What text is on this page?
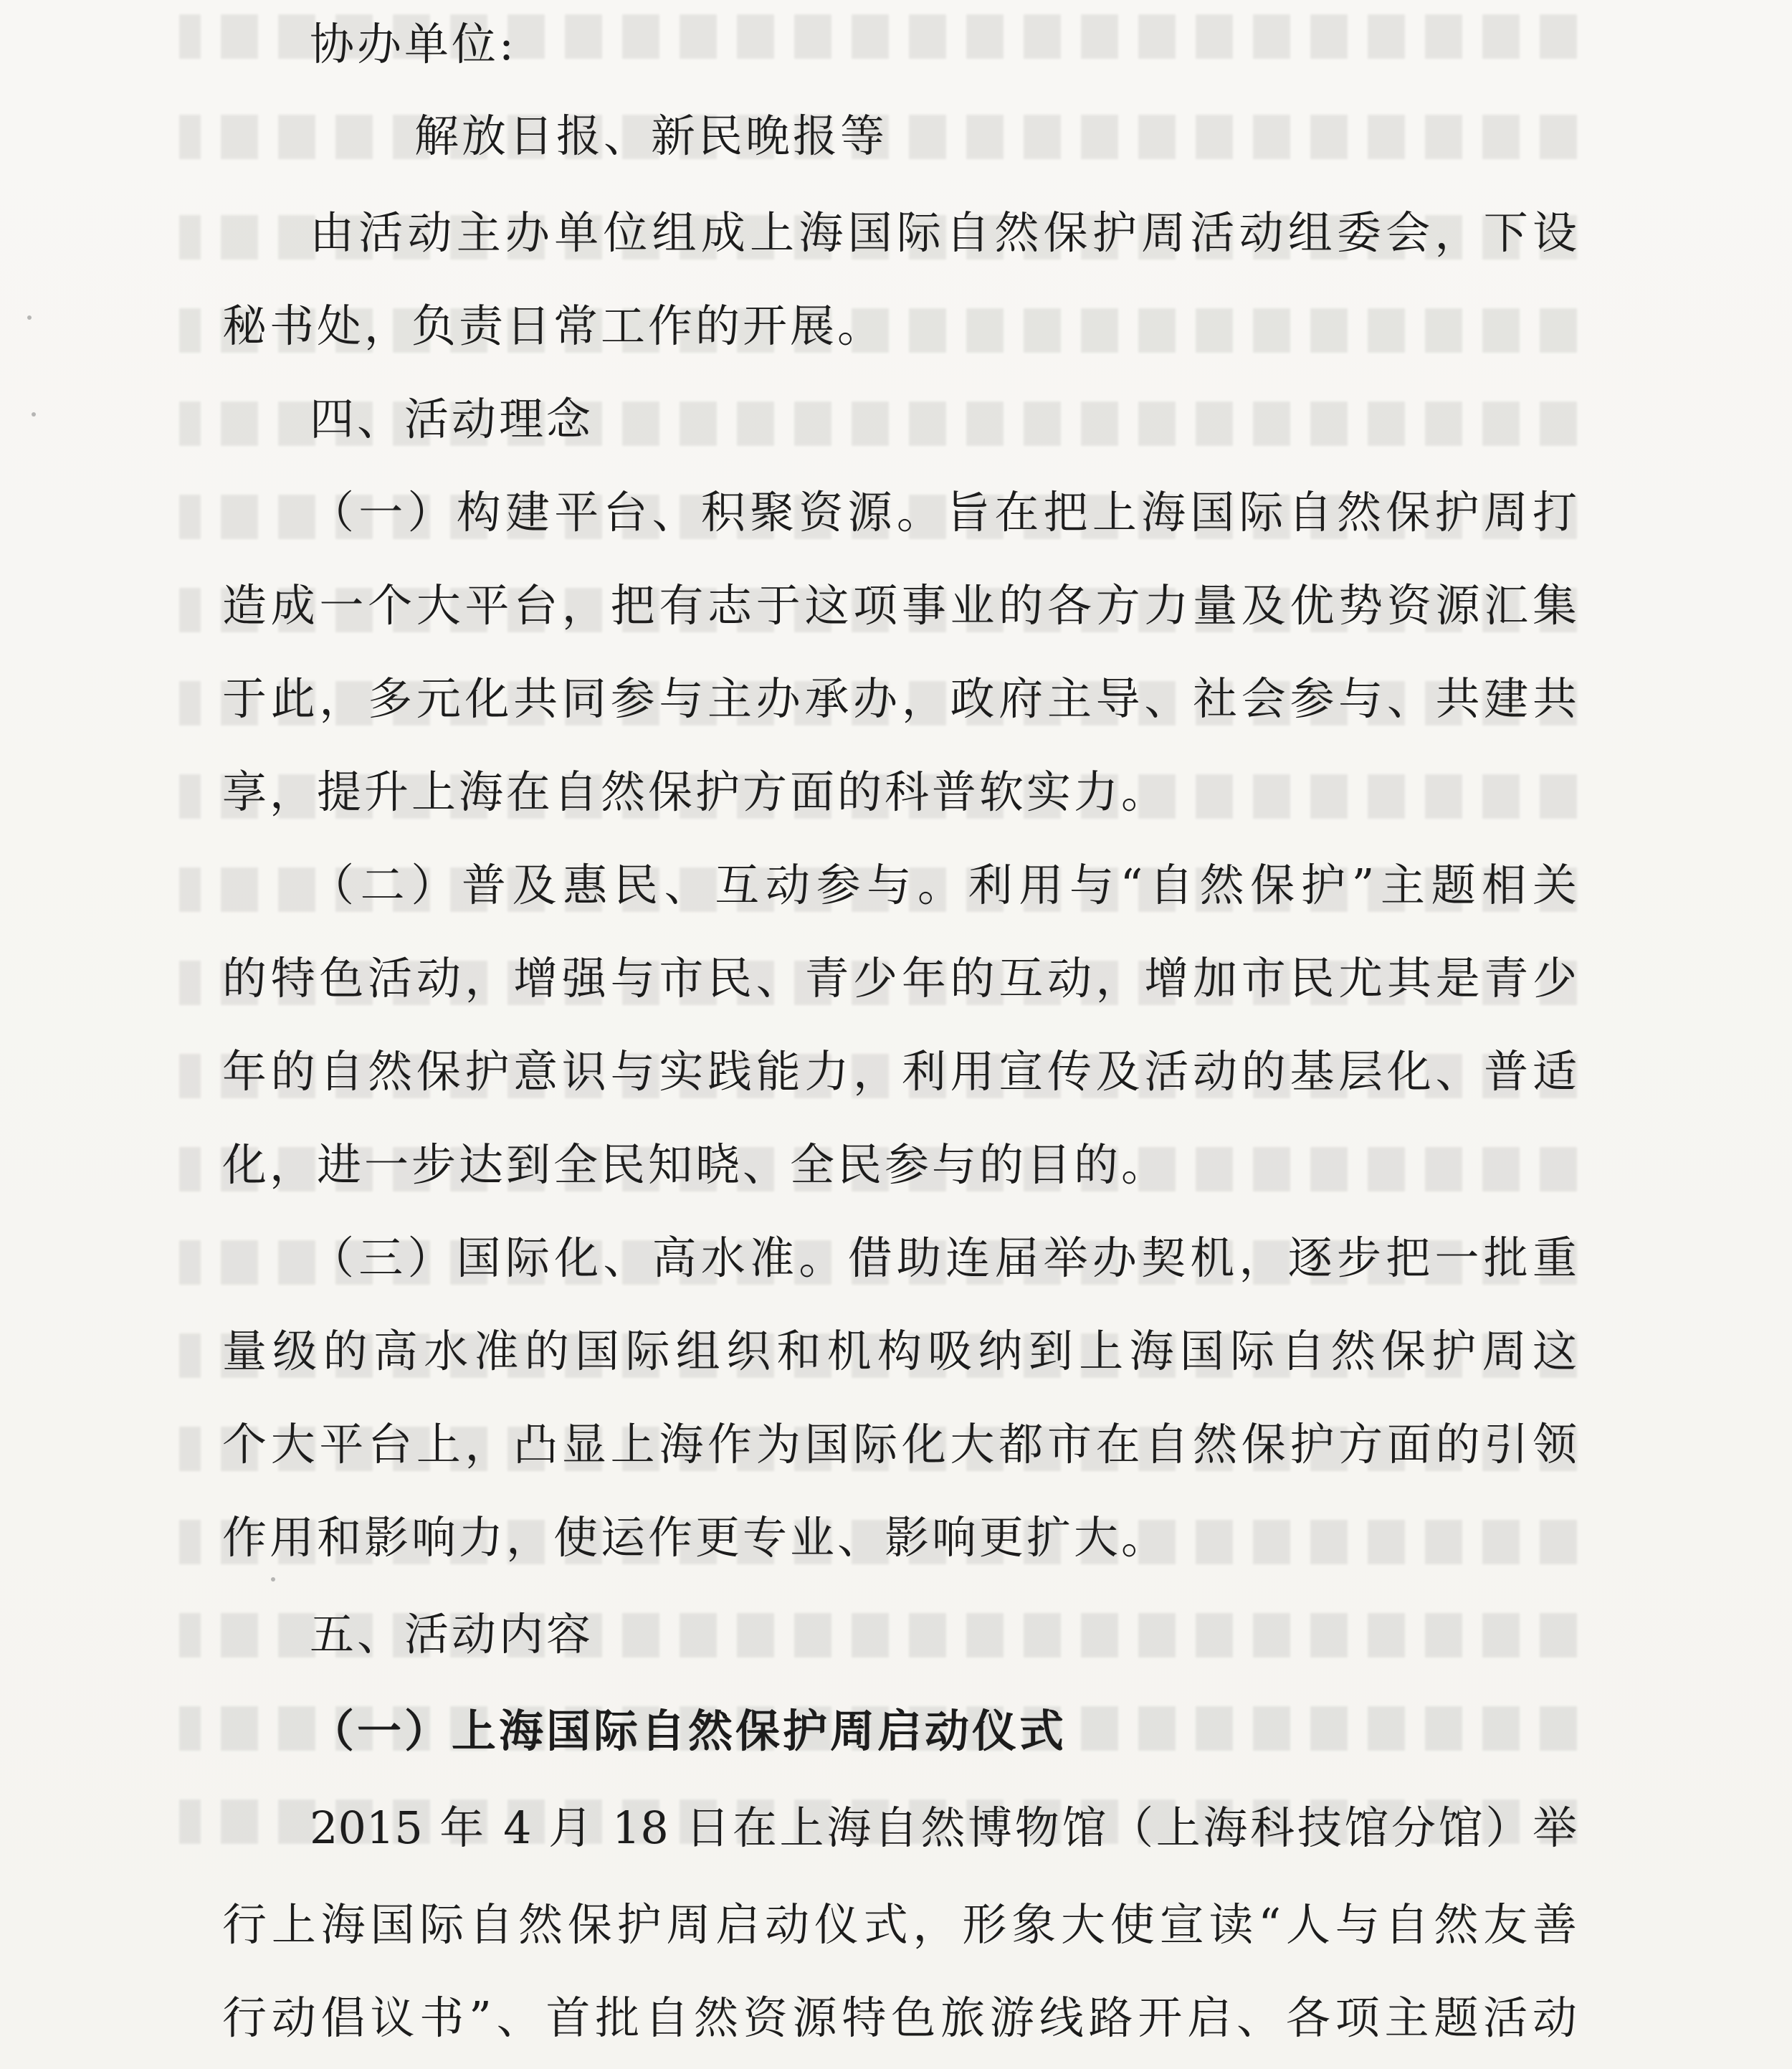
协办单位:
解放日报、新民晚报等
由活动主办单位组成上海国际自然保护周活动组委会，下设
秘书处，负责日常工作的开展。
四、活动理念
（一）构建平台、积聚资源。旨在把上海国际自然保护周打
造成一个大平台，把有志于这项事业的各方力量及优势资源汇集
于此，多元化共同参与主办承办，政府主导、社会参与、共建共
享，提升上海在自然保护方面的科普软实力。
（二）普及惠民、互动参与。利用与“自然保护”主题相关
的特色活动，增强与市民、青少年的互动，增加市民尤其是青少
年的自然保护意识与实践能力，利用宣传及活动的基层化、普适
化，进一步达到全民知晓、全民参与的目的。
（三）国际化、高水准。借助连届举办契机，逐步把一批重
量级的高水准的国际组织和机构吸纳到上海国际自然保护周这
个大平台上，凸显上海作为国际化大都市在自然保护方面的引领
作用和影响力，使运作更专业、影响更扩大。
五、活动内容
（一）上海国际自然保护周启动仪式
2015 年 4 月 18 日在上海自然博物馆（上海科技馆分馆）举
行上海国际自然保护周启动仪式，形象大使宣读“人与自然友善
行动倡议书”、首批自然资源特色旅游线路开启、各项主题活动
